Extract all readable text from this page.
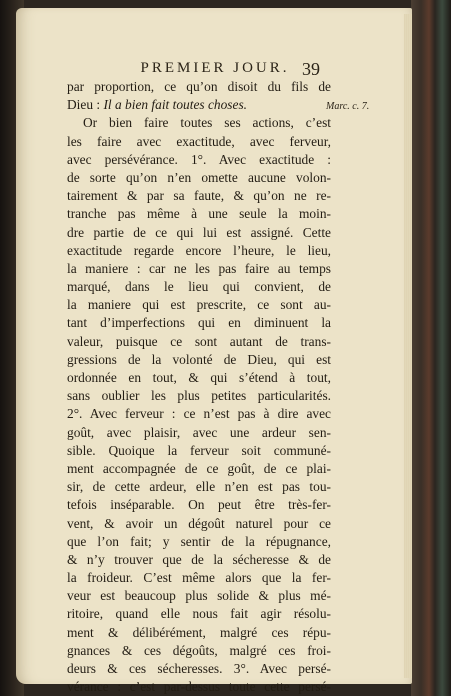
PREMIER JOUR. 39
Marc. c. 7.
par proportion, ce qu’on disoit du fils de
Dieu : Il a bien fait toutes choses.
Or bien faire toutes ses actions, c’est
les faire avec exactitude, avec ferveur,
avec persévérance. 1°. Avec exactitude :
de sorte qu’on n’en omette aucune volon-
tairement & par sa faute, & qu’on ne re-
tranche pas même à une seule la moin-
dre partie de ce qui lui est assigné. Cette
exactitude regarde encore l’heure, le lieu,
la maniere : car ne les pas faire au temps
marqué, dans le lieu qui convient, de
la maniere qui est prescrite, ce sont au-
tant d’imperfections qui en diminuent la
valeur, puisque ce sont autant de trans-
gressions de la volonté de Dieu, qui est
ordonnée en tout, & qui s’étend à tout,
sans oublier les plus petites particularités.
2°. Avec ferveur : ce n’est pas à dire avec
goût, avec plaisir, avec une ardeur sen-
sible. Quoique la ferveur soit communé-
ment accompagnée de ce goût, de ce plai-
sir, de cette ardeur, elle n’en est pas tou-
tefois inséparable. On peut être très-fer-
vent, & avoir un dégoût naturel pour ce
que l’on fait; y sentir de la répugnance,
& n’y trouver que de la sécheresse & de
la froideur. C’est même alors que la fer-
veur est beaucoup plus solide & plus mé-
ritoire, quand elle nous fait agir résolu-
ment & délibérément, malgré ces répu-
gnances & ces dégoûts, malgré ces froi-
deurs & ces sécheresses. 3°. Avec persé-
vérance : c’est par-dessus toute cette persé-
